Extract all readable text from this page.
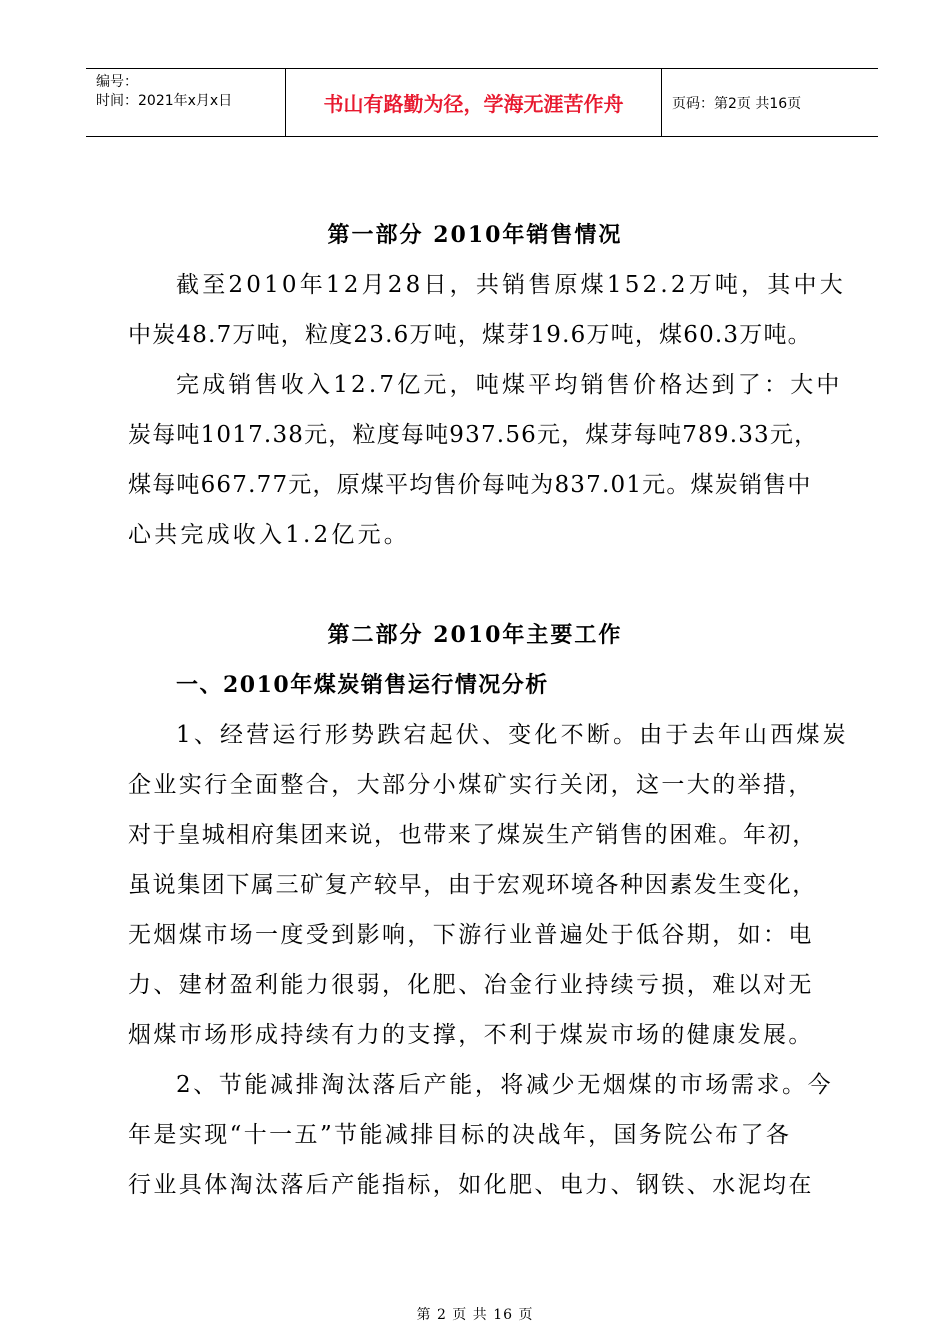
编号：
时间：2021年x月x日	书山有路勤为径，学海无涯苦作舟	页码：第2页 共16页
第一部分 2010年销售情况
截至2010年12月28日，共销售原煤152.2万吨，其中大
中炭48.7万吨，粒度23.6万吨，煤芽19.6万吨，煤60.3万吨。
完成销售收入12.7亿元，吨煤平均销售价格达到了：大中
炭每吨1017.38元，粒度每吨937.56元，煤芽每吨789.33元，
煤每吨667.77元，原煤平均售价每吨为837.01元。煤炭销售中
心共完成收入1.2亿元。
第二部分 2010年主要工作
一、2010年煤炭销售运行情况分析
1、经营运行形势跌宕起伏、变化不断。由于去年山西煤炭
企业实行全面整合，大部分小煤矿实行关闭，这一大的举措，
对于皇城相府集团来说，也带来了煤炭生产销售的困难。年初，
虽说集团下属三矿复产较早，由于宏观环境各种因素发生变化，
无烟煤市场一度受到影响，下游行业普遍处于低谷期，如：电
力、建材盈利能力很弱，化肥、冶金行业持续亏损，难以对无
烟煤市场形成持续有力的支撑，不利于煤炭市场的健康发展。
2、节能减排淘汰落后产能，将减少无烟煤的市场需求。今
年是实现“十一五”节能减排目标的决战年，国务院公布了各
行业具体淘汰落后产能指标，如化肥、电力、钢铁、水泥均在
第 2 页 共 16 页
